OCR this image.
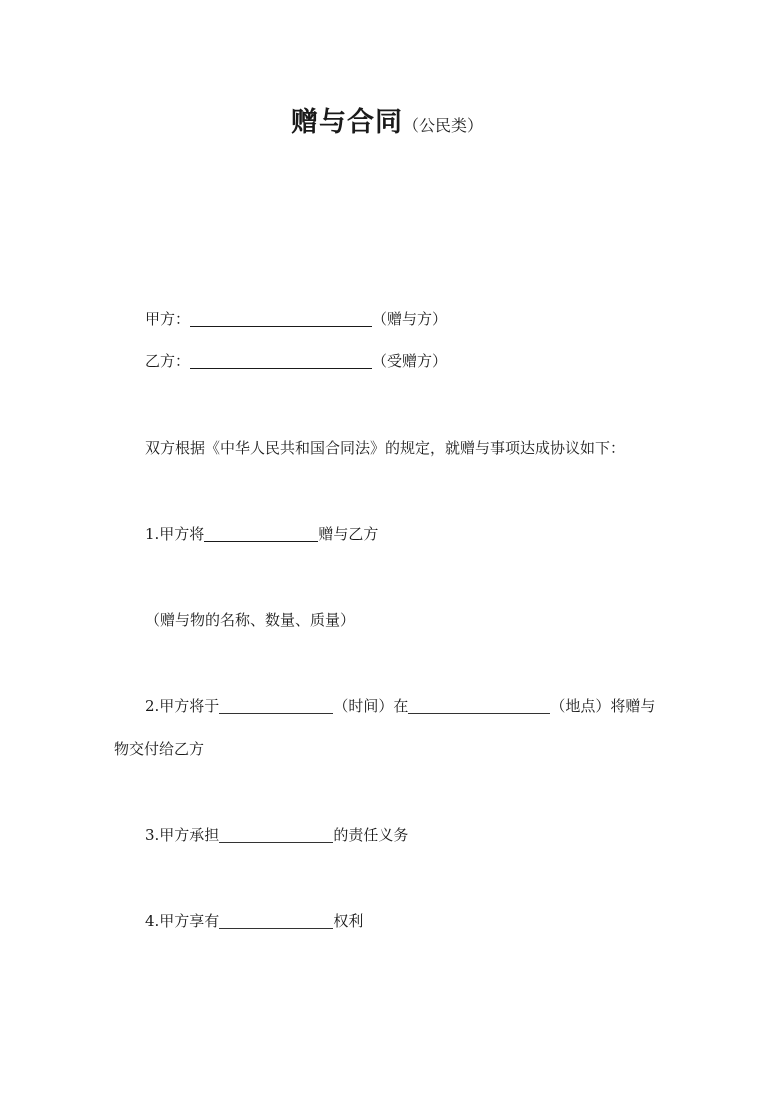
赠与合同（公民类）
甲方：	（赠与方）
乙方：	（受赠方）
双方根据《中华人民共和国合同法》的规定，就赠与事项达成协议如下：
1.甲方将	赠与乙方
（赠与物的名称、数量、质量）
2.甲方将于	（时间）在	（地点）将赠与
物交付给乙方
3.甲方承担	的责任义务
4.甲方享有	权利
